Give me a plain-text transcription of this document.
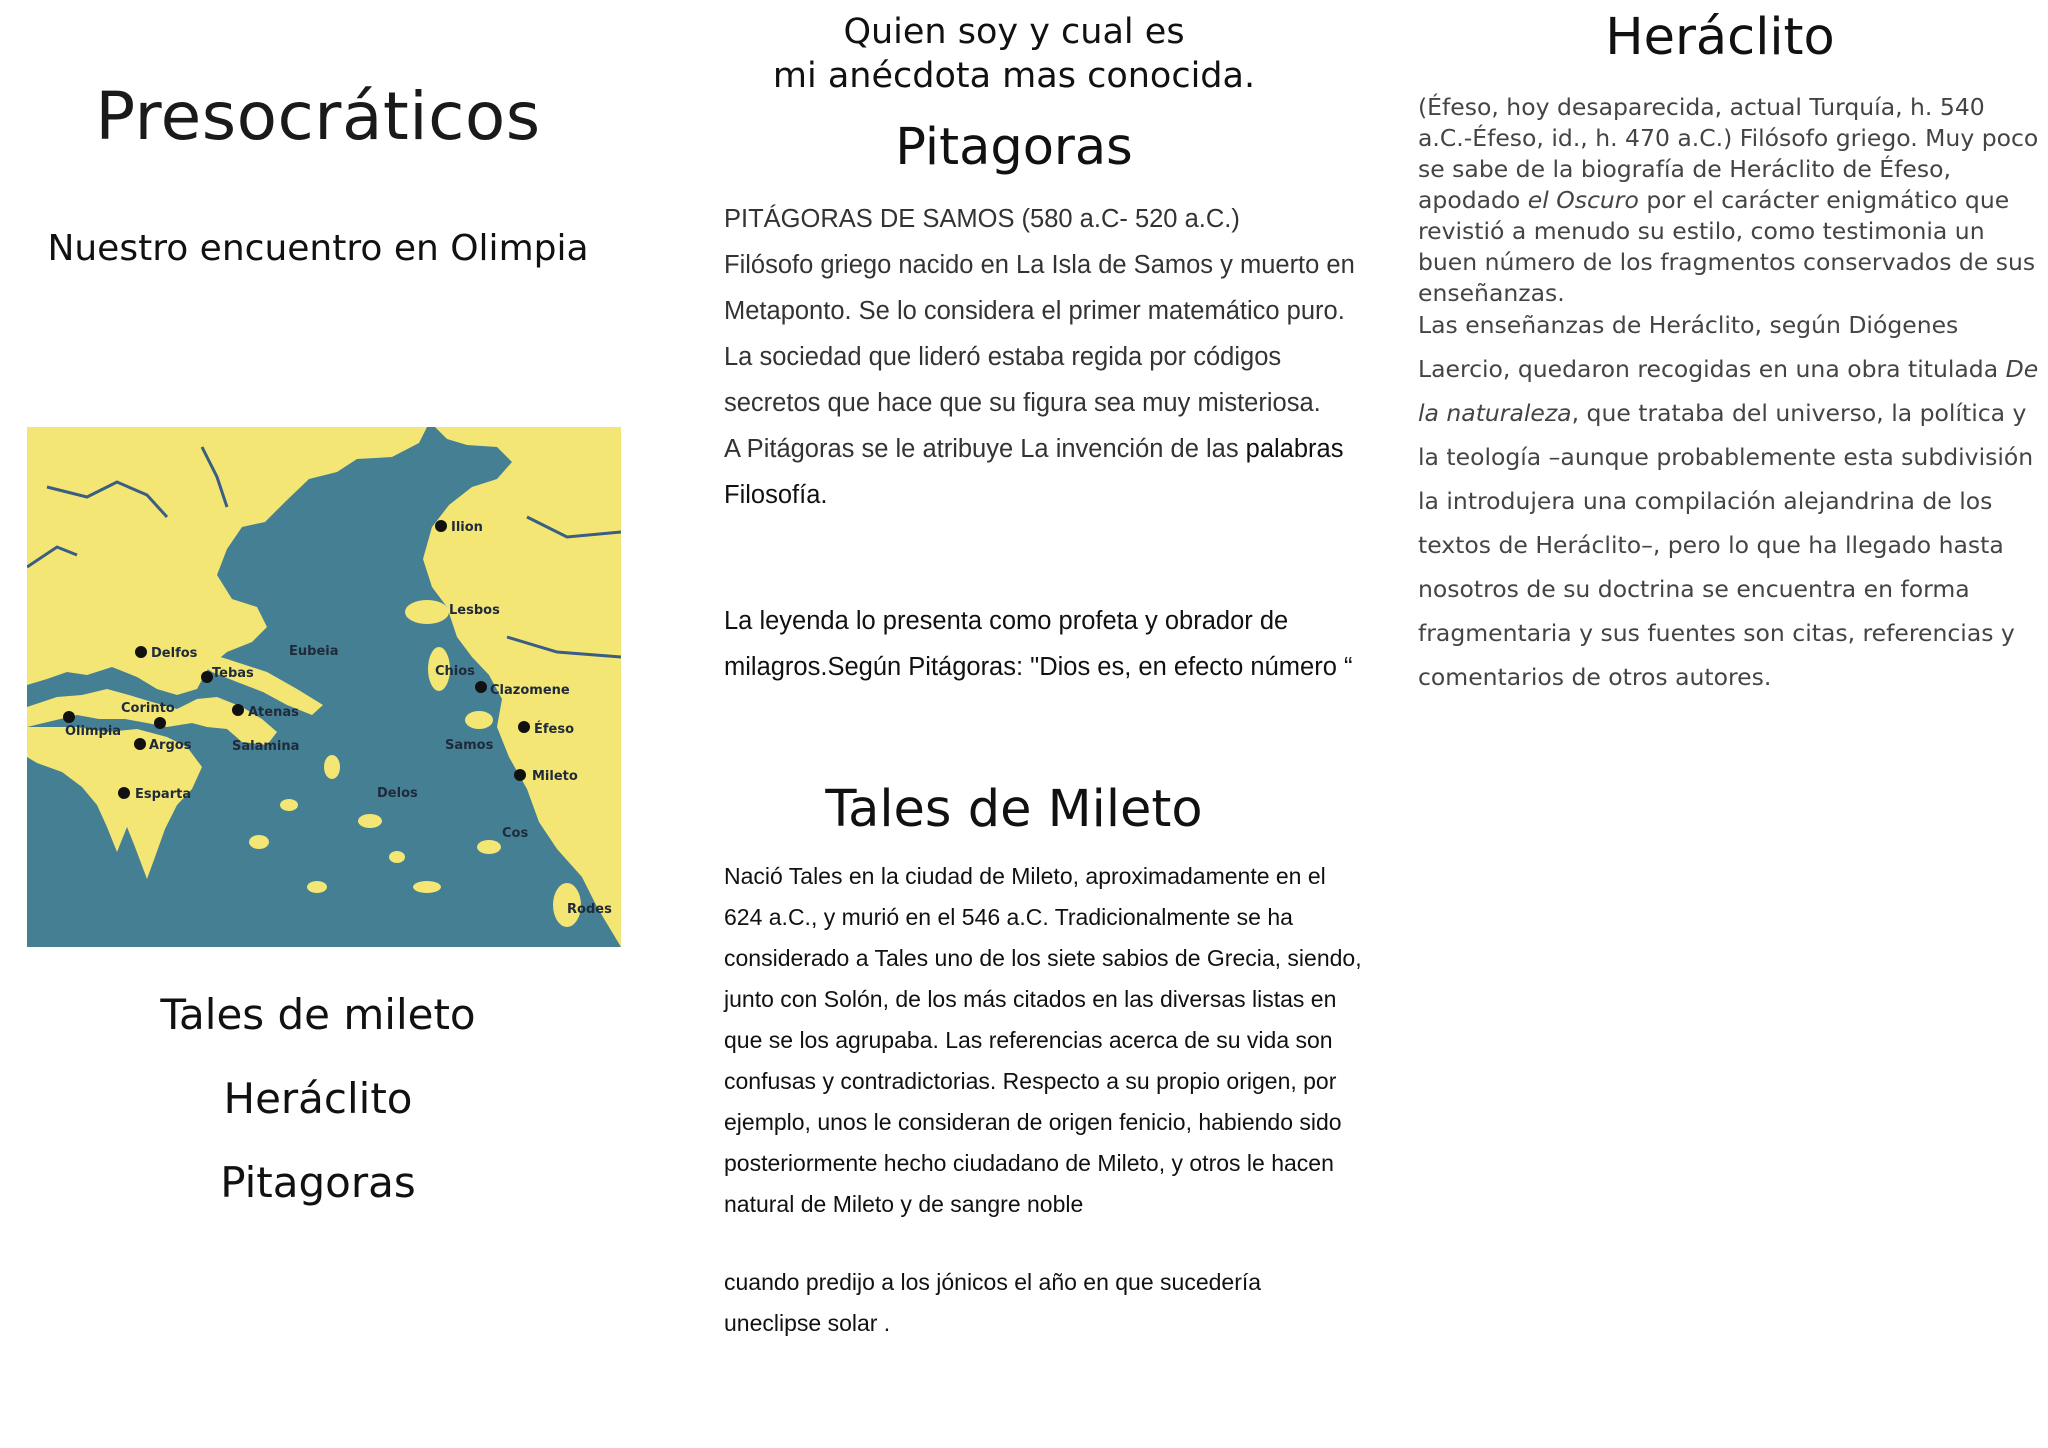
Presocráticos

Nuestro encuentro en Olimpia

Ilion
Lesbos
Delfos	Eubeia
Tebas	Chios
Clazomene
Corinto	Atenas
Olimpia
Argos	Salamina	Samos
Éfeso
Mileto
Esparta	Delos
Cos
Rodes
Tales de mileto
Heráclito
Pitagoras
Quien soy y cual es
mi anécdota mas conocida.
Pitagoras
PITÁGORAS DE SAMOS (580 a.C- 520 a.C.)
Filósofo griego nacido en La Isla de Samos y muerto en Metaponto. Se lo considera el primer matemático puro. La sociedad que lideró estaba regida por códigos secretos que hace que su figura sea muy misteriosa.
A Pitágoras se le atribuye La invención de las palabras Filosofía.

La leyenda lo presenta como profeta y obrador de milagros.Según Pitágoras: "Dios es, en efecto número “

Tales de Mileto

Nació Tales en la ciudad de Mileto, aproximadamente en el 624 a.C., y murió en el 546 a.C. Tradicionalmente se ha considerado a Tales uno de los siete sabios de Grecia, siendo, junto con Solón, de los más citados en las diversas listas en que se los agrupaba. Las referencias acerca de su vida son confusas y contradictorias. Respecto a su propio origen, por ejemplo, unos le consideran de origen fenicio, habiendo sido posteriormente hecho ciudadano de Mileto, y otros le hacen natural de Mileto y de sangre noble

cuando predijo a los jónicos el año en que sucedería uneclipse solar .

Heráclito

(Éfeso, hoy desaparecida, actual Turquía, h. 540 a.C.-Éfeso, id., h. 470 a.C.) Filósofo griego. Muy poco se sabe de la biografía de Heráclito de Éfeso, apodado el Oscuro por el carácter enigmático que revistió a menudo su estilo, como testimonia un buen número de los fragmentos conservados de sus enseñanzas.

Las enseñanzas de Heráclito, según Diógenes Laercio, quedaron recogidas en una obra titulada De la naturaleza, que trataba del universo, la política y la teología –aunque probablemente esta subdivisión la introdujera una compilación alejandrina de los textos de Heráclito–, pero lo que ha llegado hasta nosotros de su doctrina se encuentra en forma fragmentaria y sus fuentes son citas, referencias y comentarios de otros autores.
